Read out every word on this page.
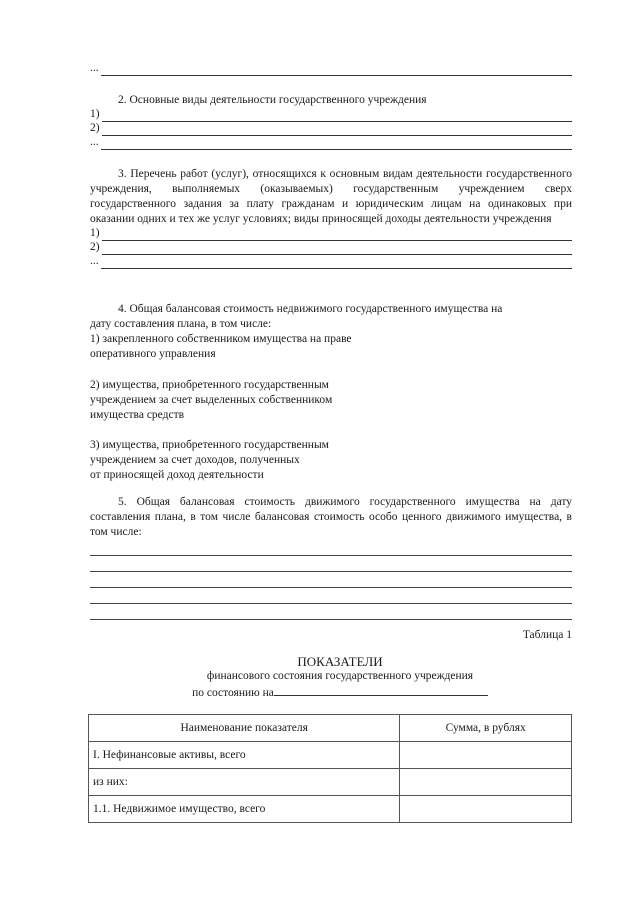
...
2. Основные виды деятельности государственного учреждения
1)
2)
...
3. Перечень работ (услуг), относящихся к основным видам деятельности государственного учреждения, выполняемых (оказываемых) государственным учреждением сверх государственного задания за плату гражданам и юридическим лицам на одинаковых при оказании одних и тех же услуг условиях; виды приносящей доходы деятельности учреждения
1)
2)
...
4. Общая балансовая стоимость недвижимого государственного имущества на
дату составления плана, в том числе:
1) закрепленного собственником имущества на праве
оперативного управления
2) имущества, приобретенного государственным
учреждением за счет выделенных собственником
имущества средств
3) имущества, приобретенного государственным
учреждением за счет доходов, полученных
от приносящей доход деятельности
5. Общая балансовая стоимость движимого государственного имущества на дату составления плана, в том числе балансовая стоимость особо ценного движимого имущества, в том числе:
Таблица 1
ПОКАЗАТЕЛИ
финансового состояния государственного учреждения
по состоянию на
Наименование показателя	Сумма, в рублях
I. Нефинансовые активы, всего	
из них:	
1.1. Недвижимое имущество, всего	
